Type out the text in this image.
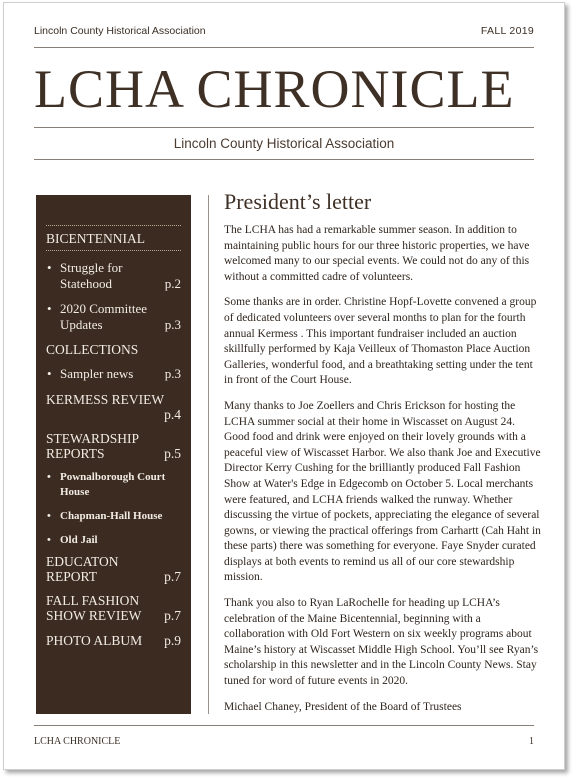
Lincoln County Historical Association	FALL 2019
LCHA CHRONICLE
Lincoln County Historical Association
BICENTENNIAL
• Struggle for
Statehood	p.2
• 2020 Committee
Updates	p.3
COLLECTIONS
• Sampler news p.3
KERMESS REVIEW

p.4

STEWARDSHIP
REPORTS	p.5
• Pownalborough Court
House
• Chapman-Hall House
• Old Jail
EDUCATON
REPORT	p.7
FALL FASHION
SHOW REVIEW p.7
PHOTO ALBUM p.9
President’s letter

The LCHA has had a remarkable summer season. In addition to maintaining public hours for our three historic properties, we have welcomed many to our special events. We could not do any of this without a committed cadre of volunteers.

Some thanks are in order. Christine Hopf-Lovette convened a group of dedicated volunteers over several months to plan for the fourth annual Kermess . This important fundraiser included an auction skillfully performed by Kaja Veilleux of Thomaston Place Auction Galleries, wonderful food, and a breathtaking setting under the tent in front of the Court House.

Many thanks to Joe Zoellers and Chris Erickson for hosting the LCHA summer social at their home in Wiscasset on August 24. Good food and drink were enjoyed on their lovely grounds with a peaceful view of Wiscasset Harbor. We also thank Joe and Executive Director Kerry Cushing for the brilliantly produced Fall Fashion Show at Water's Edge in Edgecomb on October 5. Local merchants were featured, and LCHA friends walked the runway. Whether discussing the virtue of pockets, appreciating the elegance of several gowns, or viewing the practical offerings from Carhartt (Cah Haht in these parts) there was something for everyone. Faye Snyder curated displays at both events to remind us all of our core stewardship mission.

Thank you also to Ryan LaRochelle for heading up LCHA’s celebration of the Maine Bicentennial, beginning with a collaboration with Old Fort Western on six weekly programs about Maine’s history at Wiscasset Middle High School. You’ll see Ryan’s scholarship in this newsletter and in the Lincoln County News. Stay tuned for word of future events in 2020.

Michael Chaney, President of the Board of Trustees

LCHA CHRONICLE	1
